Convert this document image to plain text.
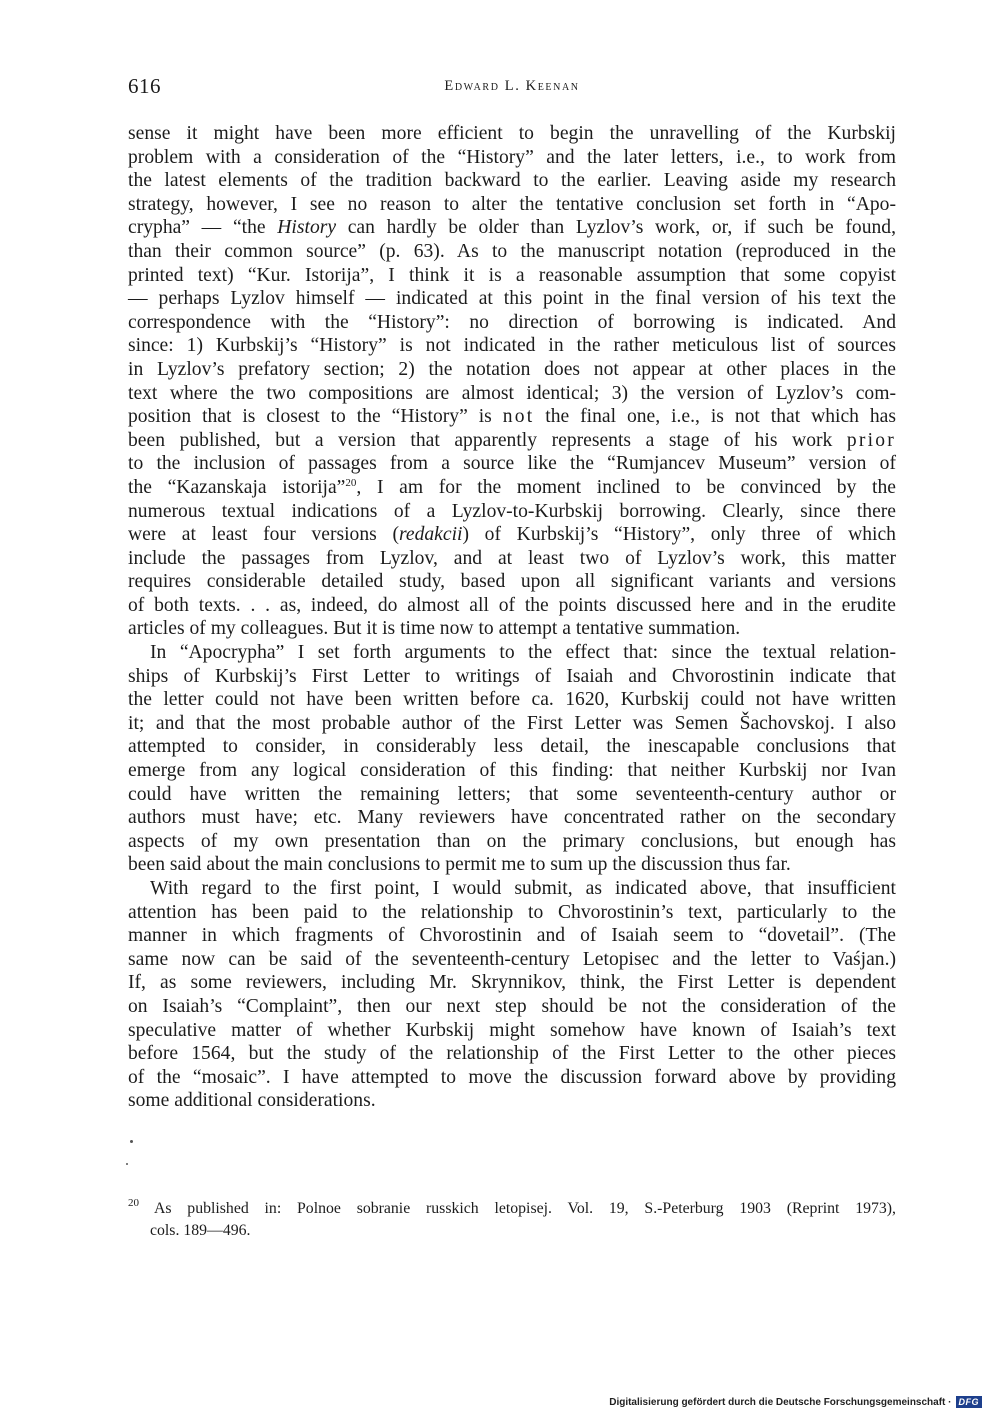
616	Edward L. Keenan
sense it might have been more efficient to begin the unravelling of the Kurbskij
problem with a consideration of the “History” and the later letters, i.e., to work from
the latest elements of the tradition backward to the earlier. Leaving aside my research
strategy, however, I see no reason to alter the tentative conclusion set forth in “Apo-
crypha” — “the History can hardly be older than Lyzlov’s work, or, if such be found,
than their common source” (p. 63). As to the manuscript notation (reproduced in the
printed text) “Kur. Istorija”, I think it is a reasonable assumption that some copyist
— perhaps Lyzlov himself — indicated at this point in the final version of his text the
correspondence with the “History”: no direction of borrowing is indicated. And
since: 1) Kurbskij’s “History” is not indicated in the rather meticulous list of sources
in Lyzlov’s prefatory section; 2) the notation does not appear at other places in the
text where the two compositions are almost identical; 3) the version of Lyzlov’s com-
position that is closest to the “History” is not the final one, i.e., is not that which has
been published, but a version that apparently represents a stage of his work prior
to the inclusion of passages from a source like the “Rumjancev Museum” version of
the “Kazanskaja istorija”$^{20}$, I am for the moment inclined to be convinced by the
numerous textual indications of a Lyzlov-to-Kurbskij borrowing. Clearly, since there
were at least four versions (redakcii) of Kurbskij’s “History”, only three of which
include the passages from Lyzlov, and at least two of Lyzlov’s work, this matter
requires considerable detailed study, based upon all significant variants and versions
of both texts. . . as, indeed, do almost all of the points discussed here and in the erudite
articles of my colleagues. But it is time now to attempt a tentative summation.
In “Apocrypha” I set forth arguments to the effect that: since the textual relation-
ships of Kurbskij’s First Letter to writings of Isaiah and Chvorostinin indicate that
the letter could not have been written before ca. 1620, Kurbskij could not have written
it; and that the most probable author of the First Letter was Semen Šachovskoj. I also
attempted to consider, in considerably less detail, the inescapable conclusions that
emerge from any logical consideration of this finding: that neither Kurbskij nor Ivan
could have written the remaining letters; that some seventeenth-century author or
authors must have; etc. Many reviewers have concentrated rather on the secondary
aspects of my own presentation than on the primary conclusions, but enough has
been said about the main conclusions to permit me to sum up the discussion thus far.
With regard to the first point, I would submit, as indicated above, that insufficient
attention has been paid to the relationship to Chvorostinin’s text, particularly to the
manner in which fragments of Chvorostinin and of Isaiah seem to “dovetail”. (The
same now can be said of the seventeenth-century Letopisec and the letter to Vaśjan.)
If, as some reviewers, including Mr. Skrynnikov, think, the First Letter is dependent
on Isaiah’s “Complaint”, then our next step should be not the consideration of the
speculative matter of whether Kurbskij might somehow have known of Isaiah’s text
before 1564, but the study of the relationship of the First Letter to the other pieces
of the “mosaic”. I have attempted to move the discussion forward above by providing
some additional considerations.
$^{20}$ As published in: Polnoe sobranie russkich letopisej. Vol. 19, S.-Peterburg 1903 (Reprint 1973),
cols. 189—496.
Digitalisierung gefördert durch die Deutsche Forschungsgemeinschaft · DFG
